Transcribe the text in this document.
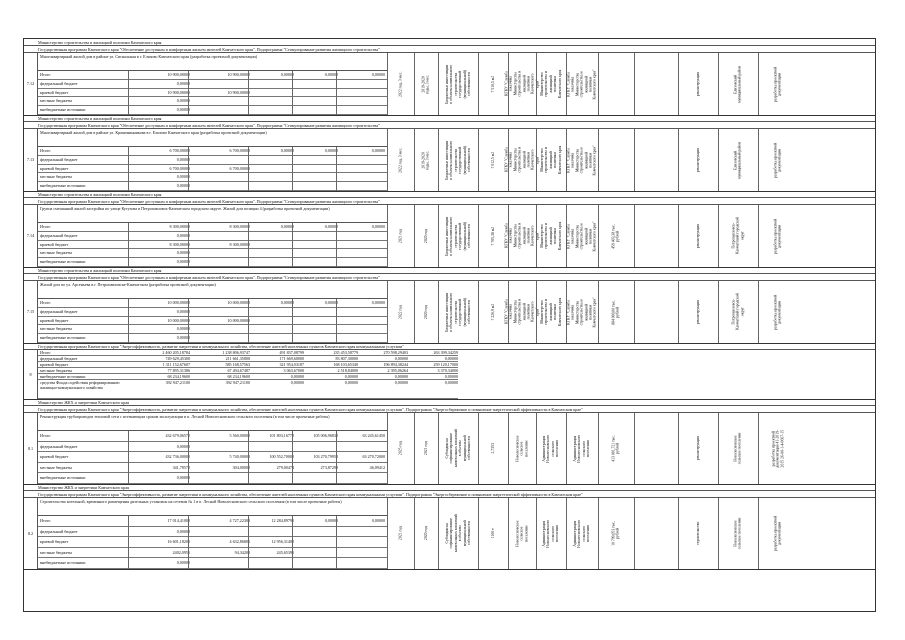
Министерство строительства и жилищной политики Камчатского края
Государственная программа Камчатского края "Обеспечение доступным и комфортным жильем жителей Камчатского края". Подпрограмма "Стимулирование развития жилищного строительства"
7.12
Многоквартирный жилой дом в районе ул. Сигнальная в г. Елизово Камчатского края (разработка проектной документации)
Итого	10 900,00000	10 900,00000	0,00000	0,00000	0,00000
федеральный бюджет	0,00000
краевой бюджет	10 900,00000	10 900,00000
местные бюджеты	0,00000
внебюджетные источники	0,00000
2022 год, 3 мес.	2019-2020 годы, 3 мес.	Бюджетные инвестиции в объекты капитального строительства государственной (муниципальной) собственности	7 510,5 м2	КГКУ "Служба заказчика Министерства строительства и жилищной политики Камчатского края" Министерство строительства и жилищной политики Камчатского края КГКУ "Служба заказчика Министерства строительства и жилищной политики Камчатского края"	реконструкция	Елизовский муниципальный район	разработка проектной документации
Министерство строительства и жилищной политики Камчатского края
Государственная программа Камчатского края "Обеспечение доступным и комфортным жильем жителей Камчатского края". Подпрограмма "Стимулирование развития жилищного строительства"
7.13
Многоквартирный жилой дом в районе ул. Крашенинникова в г. Елизово Камчатского края (разработка проектной документации)
Итого	6 700,00000	6 700,00000	0,00000	0,00000	0,00000
федеральный бюджет	0,00000
краевой бюджет	6 700,00000	6 700,00000
местные бюджеты	0,00000
внебюджетные источники	0,00000
2022 год, 3 мес.	2019-2020 годы, 3 мес.	Бюджетные инвестиции в объекты капитального строительства государственной (муниципальной) собственности	7 012,5 м2	КГКУ "Служба заказчика Министерства строительства и жилищной политики Камчатского края" Министерство строительства и жилищной политики Камчатского края КГКУ "Служба заказчика Министерства строительства и жилищной политики Камчатского края"	реконструкция	Елизовский муниципальный район	разработка проектной документации
Министерство строительства и жилищной политики Камчатского края
Государственная программа Камчатского края "Обеспечение доступным и комфортным жильем жителей Камчатского края". Подпрограмма "Стимулирование развития жилищного строительства"
7.14
Группа смешанной жилой застройки по улице Кутузова в Петропавловск-Камчатском городском округе. Жилой дом позиции 4 (разработка проектной документации)
Итого	8 300,00000	8 300,00000	0,00000	0,00000	0,00000
федеральный бюджет	0,00000
краевой бюджет	8 300,00000	8 300,00000
местные бюджеты	0,00000
внебюджетные источники	0,00000
2021 год	2020 год	Бюджетные инвестиции в объекты капитального строительства государственной (муниципальной) собственности	7 705,38 м2	КГКУ "Служба заказчика Министерства строительства и жилищной политики Камчатского края" Министерство строительства и жилищной политики Камчатского края КГКУ "Служба заказчика Министерства строительства и жилищной политики Камчатского края"	459 403,38 тыс. рублей	реконструкция	Петропавловск-Камчатский городской округ	разработка проектной документации
Министерство строительства и жилищной политики Камчатского края
Государственная программа Камчатского края "Обеспечение доступным и комфортным жильем жителей Камчатского края". Подпрограмма "Стимулирование развития жилищного строительства"
7.15
Жилой дом по ул. Арсеньева в г. Петропавловске-Камчатском (разработка проектной документации)
Итого	10 000,00000	10 000,00000	0,00000	0,00000	0,00000
федеральный бюджет	0,00000
краевой бюджет	10 000,00000	10 000,00000
местные бюджеты	0,00000
внебюджетные источники	0,00000
2022 год	2020 год	Бюджетные инвестиции в объекты капитального строительства государственной (муниципальной) собственности	7 226,9 м2	КГКУ "Служба заказчика Министерства строительства и жилищной политики Камчатского края" Министерство строительства и жилищной политики Камчатского края КГКУ "Служба заказчика Министерства строительства и жилищной политики Камчатского края"	884 000,00 тыс. рублей	реконструкция	Петропавловск-Камчатский городской округ	разработка проектной документации
Государственная программа Камчатского края "Энергоэффективность, развитие энергетики и коммунального хозяйства, обеспечение жителей населенных пунктов Камчатского края коммунальными услугами"
8
Итого	2 460 205,18784	1 238 806,93747	491 837,08799	235 453,58779	270 598,29403	263 399,34259
федеральный бюджет	749 629,45300	211 661,35800	171 669,60000	83 807,30000	0,00000	0,00000
краевой бюджет	1 311 152,67607	585 168,57563	321 954,03187	168 103,65340	196 894,38244	259 120,17000
местные бюджеты	77 895,31386	67 494,67487	3 063,67000	2 518,84000	2 395,06264	3 370,34000
внебюджетные источники	68 234,19600	68 234,19600	0,00000	0,00000	0,00000	0,00000
средства Фонда содействия реформированию жилищно-коммунального хозяйства
392 947,21100	392 947,21100	0,00000	0,00000	0,00000	0,00000
Министерство ЖКХ и энергетики Камчатского края
Государственная программа Камчатского края "Энергоэффективность, развитие энергетики и коммунального хозяйства, обеспечение жителей населенных пунктов Камчатского края коммунальными услугами". Подпрограмма "Энергосбережение и повышение энергетической эффективности в Камчатском крае"
8.1
Реконструкция трубопроводов тепловой сети с истекающим сроком эксплуатации в п. Лесной Новолесновского сельского поселения (в том числе проектные работы)
Итого	432 679,06570	5 560,00000	101 803,16770	105 006,96830	63 245,61450
федеральный бюджет	0,00000
краевой бюджет	432 736,00000	5 740,00000	100 552,70000	103 270,79950	63 270,72000
местные бюджеты	341,78570	304,00000	279,00474	273,87299	46,09412
внебюджетные источники	0,00000
2025 год	2021 год	Субсидии на софинансирование капитальных вложений в объекты муниципальной собственности	2,7353	Новолесновское сельское поселение	Администрация Новолесновского сельского поселения	Администрация Новолесновского сельского поселения	413 081,721 тыс. рублей	реконструкция	Новолесновское сельское поселение	разработка проектной документации 41-2019-2015 26-00-1-4-0667-15
Министерство ЖКХ и энергетики Камчатского края
Государственная программа Камчатского края "Энергоэффективность, развитие энергетики и коммунального хозяйства, обеспечение жителей населенных пунктов Камчатского края коммунальными услугами". Подпрограмма "Энергосбережение и повышение энергетической эффективности в Камчатском крае"
8.2
Строительство котельной, временного размещения дизельных установок на сетевом № 1 в п. Лесной Новолесновского сельского поселения (в том числе проектные работы)
Итого	17 014,41000	4 727,22300	12 284,89795	0,00000	0,00000
федеральный бюджет	0,00000
краевой бюджет	16 601,18205	4 632,86805	12 956,31400
местные бюджеты	2402,0955	94,34200	245,65395
внебюджетные источники	0,00000
2021 год	2020 год	Субсидии на софинансирование капитальных вложений в объекты муниципальной собственности	1100 т	Новолесновское сельское поселение	Администрация Новолесновского сельского поселения	Администрация Новолесновского сельского поселения	10 799,053 тыс. рублей	строительство	Новолесновское сельское поселение	разработка проектной документации
